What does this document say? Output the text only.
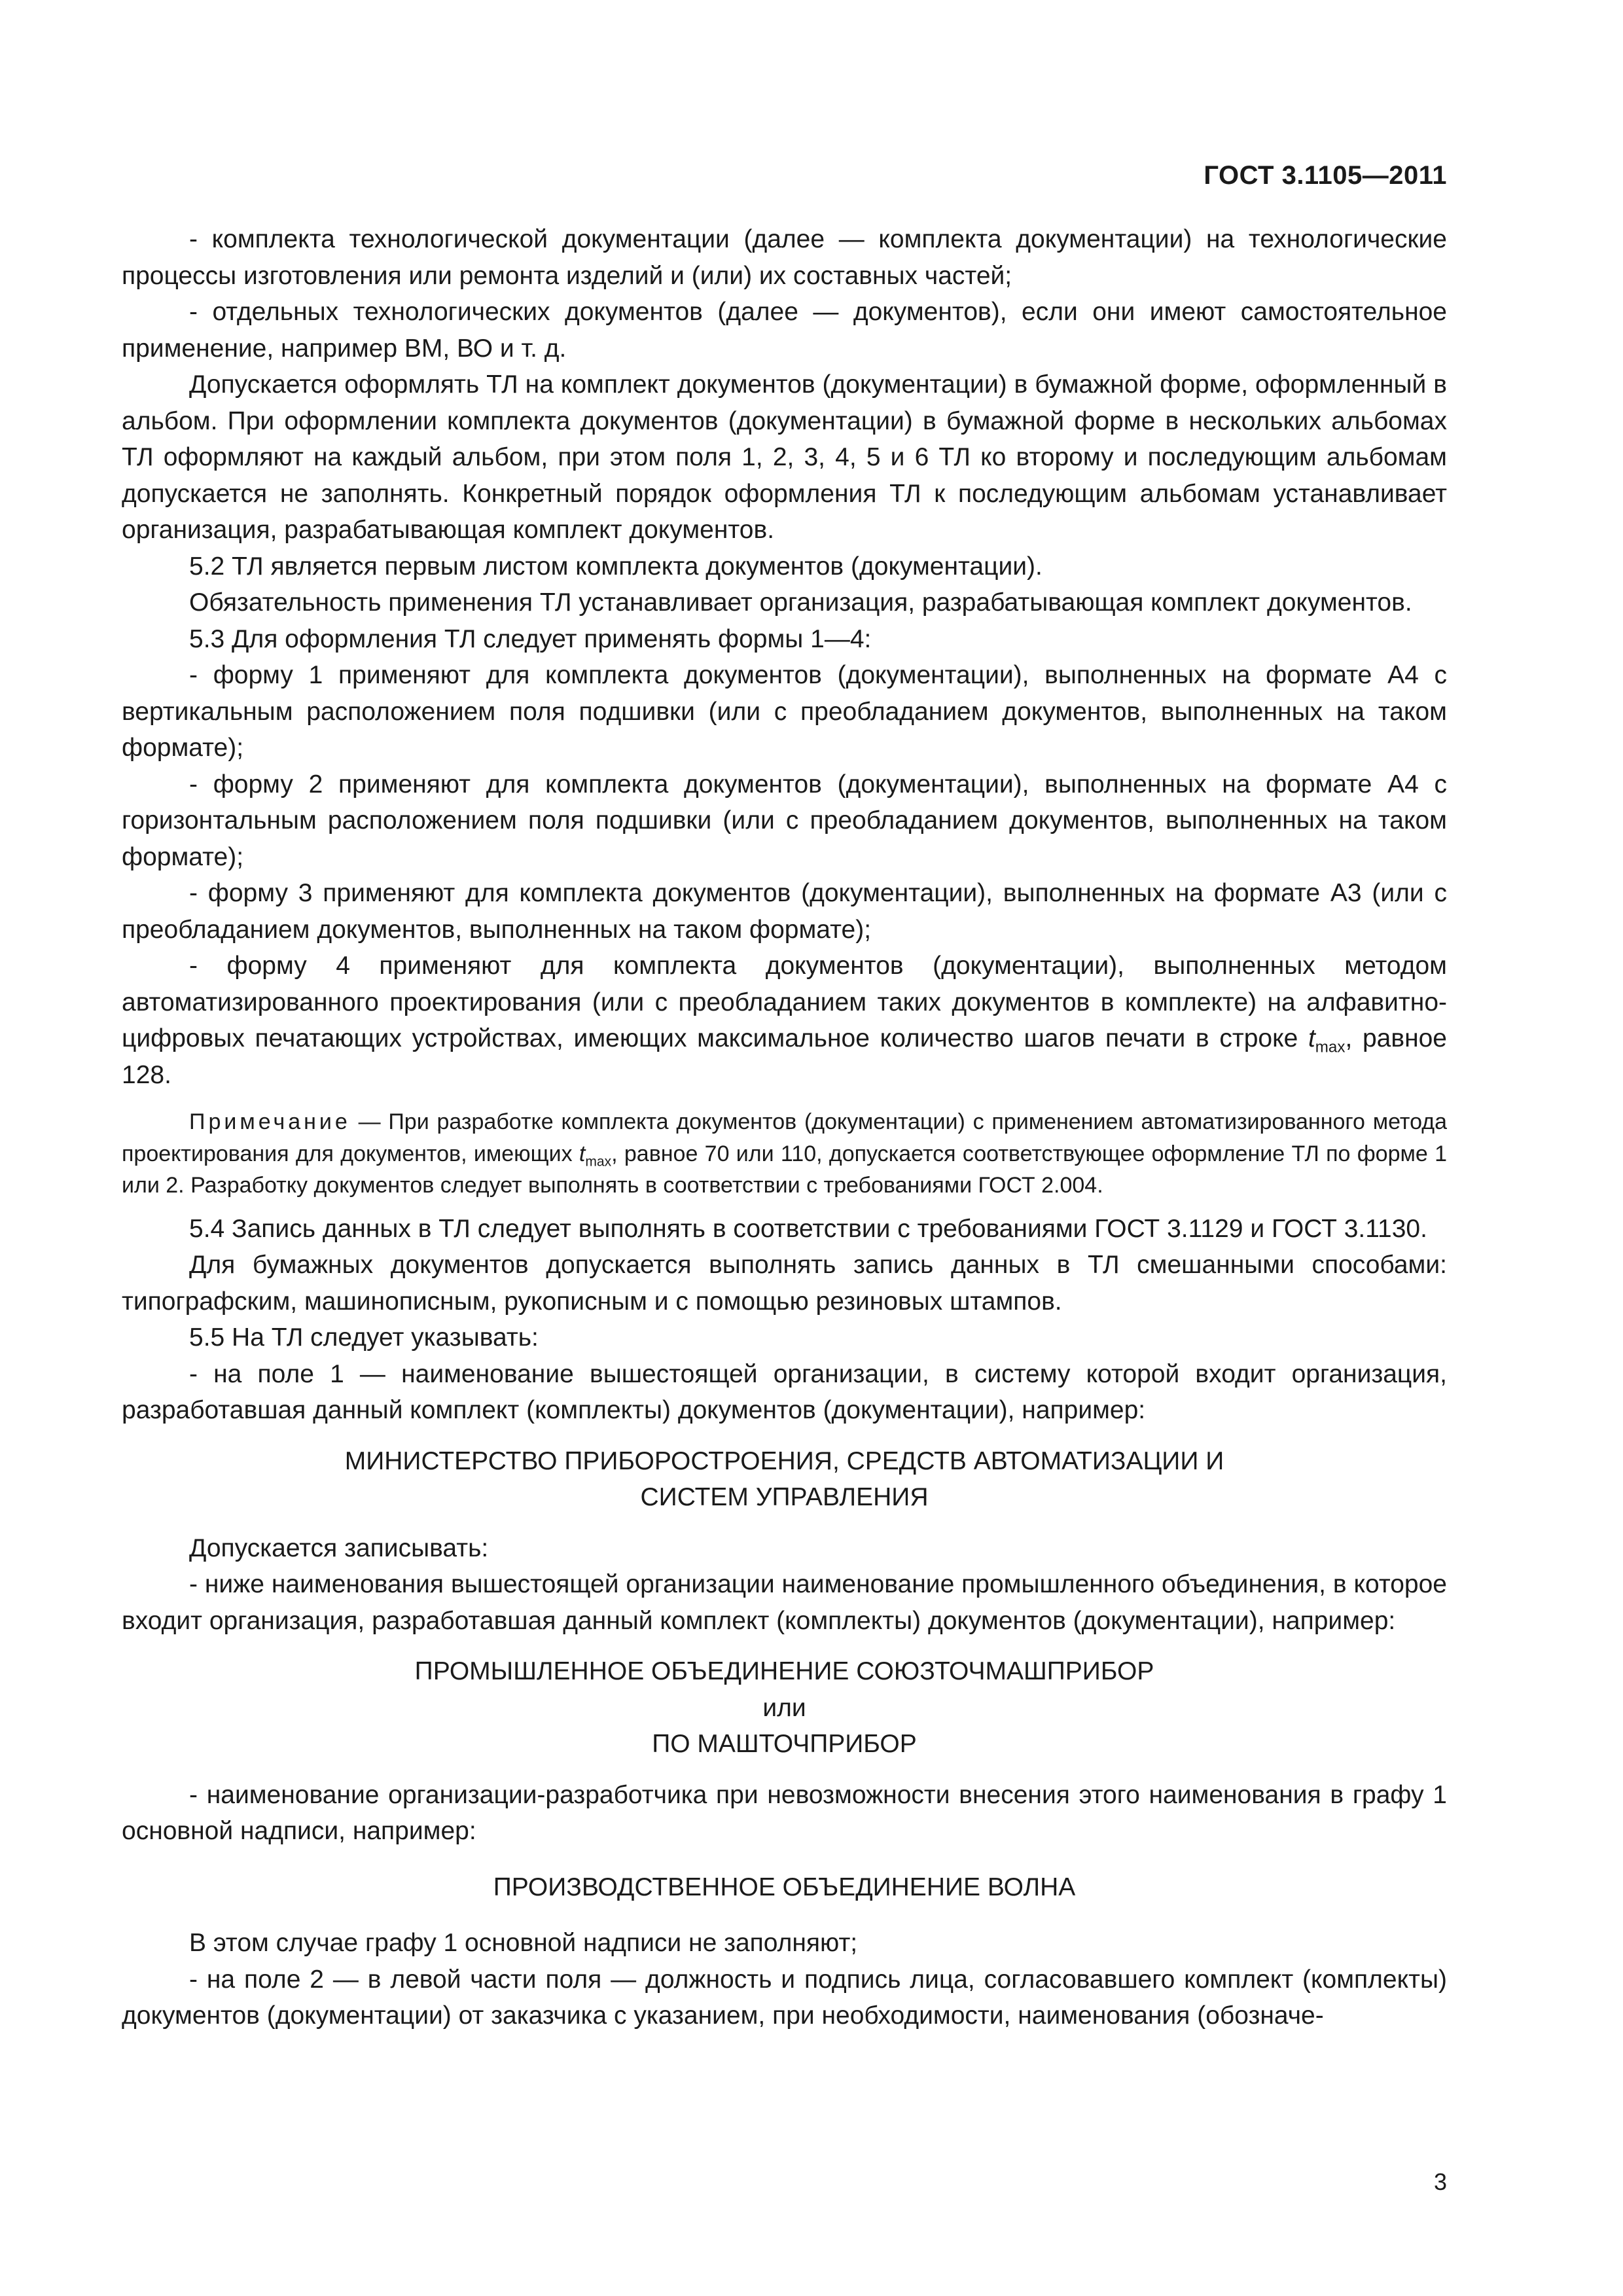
ГОСТ 3.1105—2011

- комплекта технологической документации (далее — комплекта документации) на технологические процессы изготовления или ремонта изделий и (или) их составных частей;

- отдельных технологических документов (далее — документов), если они имеют самостоятельное применение, например ВМ, ВО и т. д.

Допускается оформлять ТЛ на комплект документов (документации) в бумажной форме, оформленный в альбом. При оформлении комплекта документов (документации) в бумажной форме в нескольких альбомах ТЛ оформляют на каждый альбом, при этом поля 1, 2, 3, 4, 5 и 6 ТЛ ко второму и последующим альбомам допускается не заполнять. Конкретный порядок оформления ТЛ к последующим альбомам устанавливает организация, разрабатывающая комплект документов.

5.2 ТЛ является первым листом комплекта документов (документации).

Обязательность применения ТЛ устанавливает организация, разрабатывающая комплект документов.

5.3 Для оформления ТЛ следует применять формы 1—4:

- форму 1 применяют для комплекта документов (документации), выполненных на формате А4 с вертикальным расположением поля подшивки (или с преобладанием документов, выполненных на таком формате);

- форму 2 применяют для комплекта документов (документации), выполненных на формате А4 с горизонтальным расположением поля подшивки (или с преобладанием документов, выполненных на таком формате);

- форму 3 применяют для комплекта документов (документации), выполненных на формате А3 (или с преобладанием документов, выполненных на таком формате);

- форму 4 применяют для комплекта документов (документации), выполненных методом автоматизированного проектирования (или с преобладанием таких документов в комплекте) на алфавитно-цифровых печатающих устройствах, имеющих максимальное количество шагов печати в строке $t_{max}$, равное 128.

Примечание — При разработке комплекта документов (документации) с применением автоматизированного метода проектирования для документов, имеющих $t_{max}$, равное 70 или 110, допускается соответствующее оформление ТЛ по форме 1 или 2. Разработку документов следует выполнять в соответствии с требованиями ГОСТ 2.004.

5.4 Запись данных в ТЛ следует выполнять в соответствии с требованиями ГОСТ 3.1129 и ГОСТ 3.1130.

Для бумажных документов допускается выполнять запись данных в ТЛ смешанными способами: типографским, машинописным, рукописным и с помощью резиновых штампов.

5.5 На ТЛ следует указывать:

- на поле 1 — наименование вышестоящей организации, в систему которой входит организация, разработавшая данный комплект (комплекты) документов (документации), например:

МИНИСТЕРСТВО ПРИБОРОСТРОЕНИЯ, СРЕДСТВ АВТОМАТИЗАЦИИ И

СИСТЕМ УПРАВЛЕНИЯ

Допускается записывать:

- ниже наименования вышестоящей организации наименование промышленного объединения, в которое входит организация, разработавшая данный комплект (комплекты) документов (документации), например:

ПРОМЫШЛЕННОЕ ОБЪЕДИНЕНИЕ СОЮЗТОЧМАШПРИБОР

или

ПО МАШТОЧПРИБОР

- наименование организации-разработчика при невозможности внесения этого наименования в графу 1 основной надписи, например:

ПРОИЗВОДСТВЕННОЕ ОБЪЕДИНЕНИЕ ВОЛНА

В этом случае графу 1 основной надписи не заполняют;

- на поле 2 — в левой части поля — должность и подпись лица, согласовавшего комплект (комплекты) документов (документации) от заказчика с указанием, при необходимости, наименования (обозначе-

3
